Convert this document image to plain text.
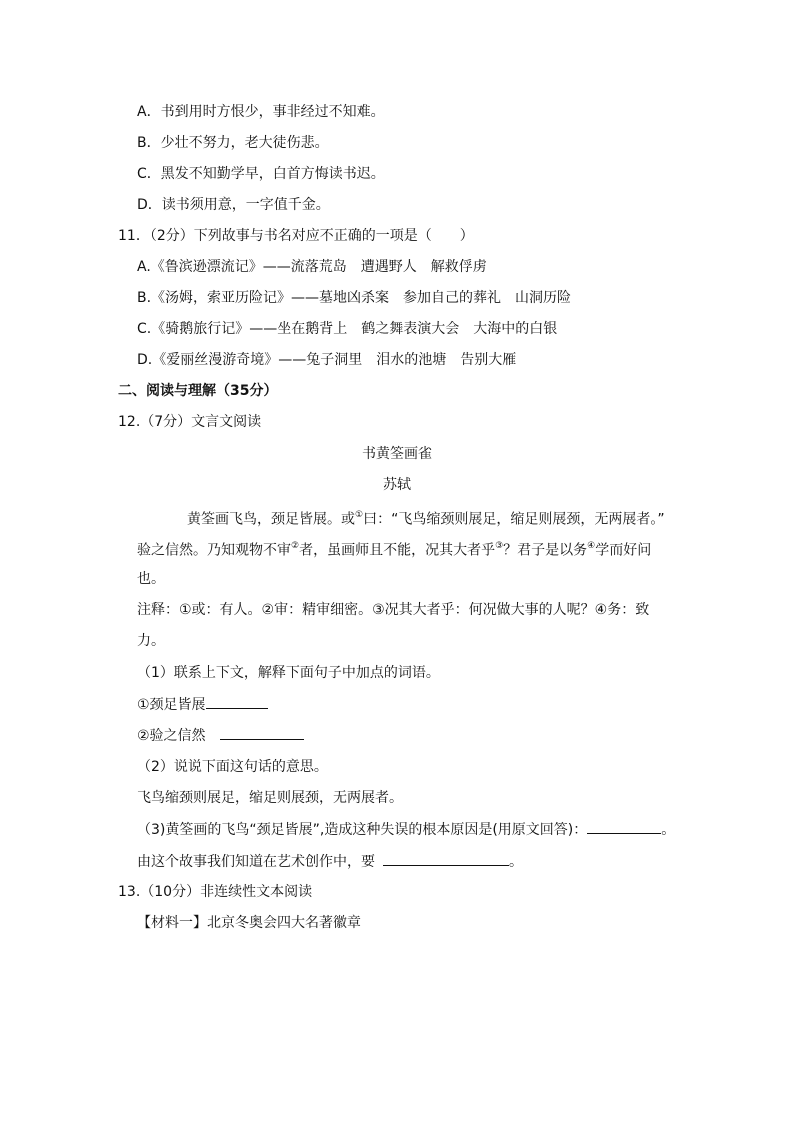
A．书到用时方恨少，事非经过不知难。
B．少壮不努力，老大徒伤悲。
C．黑发不知勤学早，白首方悔读书迟。
D．读书须用意，一字值千金。
11．（2分）下列故事与书名对应不正确的一项是（　　）
A.《鲁滨逊漂流记》——流落荒岛　遭遇野人　解救俘虏
B.《汤姆，索亚历险记》——墓地凶杀案　参加自己的葬礼　山洞历险
C.《骑鹅旅行记》——坐在鹅背上　鹤之舞表演大会　大海中的白银
D.《爱丽丝漫游奇境》——兔子洞里　泪水的池塘　告别大雁
二、阅读与理解（35分）
12.（7分）文言文阅读
书黄筌画雀
苏轼
黄筌画飞鸟，颈足皆展。或①曰：“飞鸟缩颈则展足，缩足则展颈，无两展者。”
验之信然。乃知观物不审②者，虽画师且不能，况其大者乎③？君子是以务④学而好问
也。
注释：①或：有人。②审：精审细密。③况其大者乎：何况做大事的人呢？④务：致
力。
（1）联系上下文，解释下面句子中加点的词语。
①颈足皆展
②验之信然
（2）说说下面这句话的意思。
飞鸟缩颈则展足，缩足则展颈，无两展者。
（3)黄筌画的飞鸟“颈足皆展”,造成这种失误的根本原因是(用原文回答)：	。
由这个故事我们知道在艺术创作中，要	。
13.（10分）非连续性文本阅读
【材料一】北京冬奥会四大名著徽章
